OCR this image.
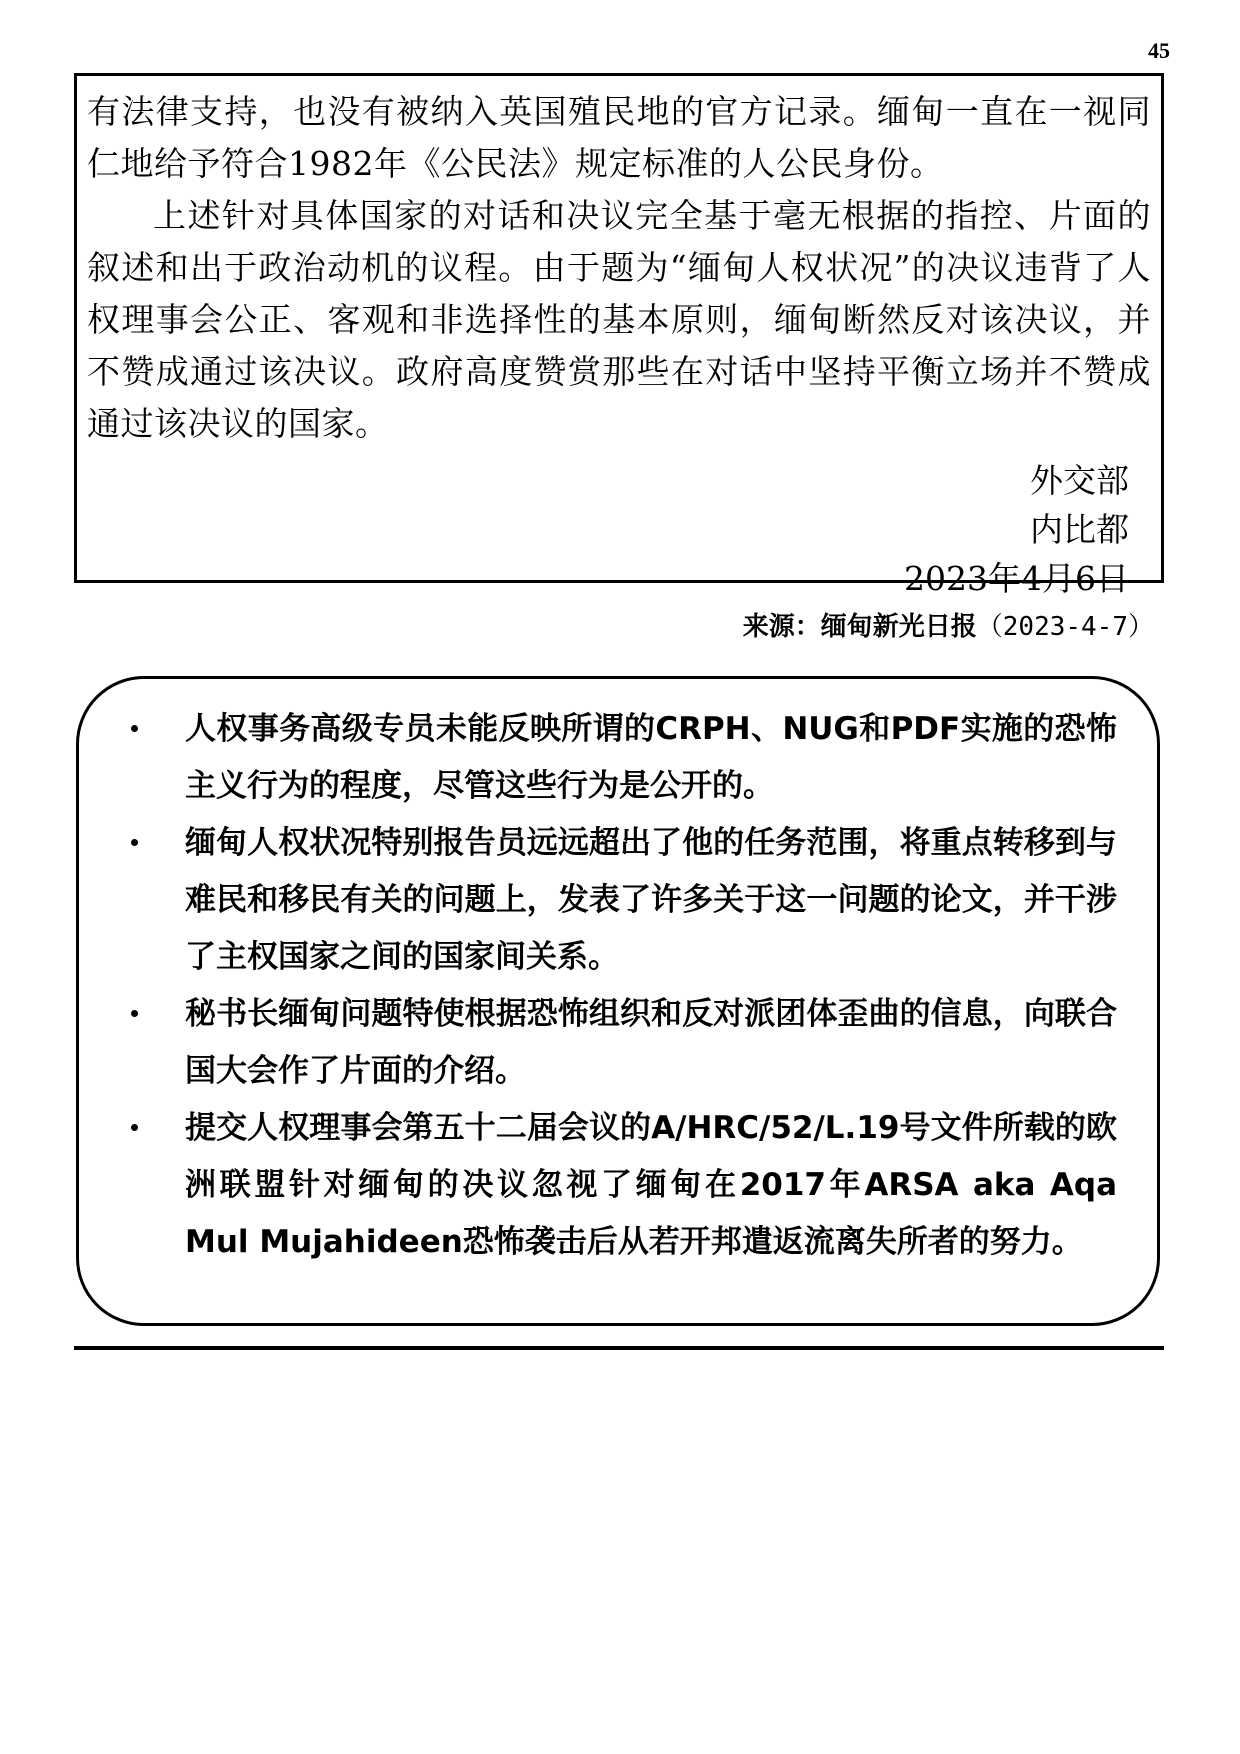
45

有法律支持，也没有被纳入英国殖民地的官方记录。缅甸一直在一视同仁地给予符合1982年《公民法》规定标准的人公民身份。

上述针对具体国家的对话和决议完全基于毫无根据的指控、片面的叙述和出于政治动机的议程。由于题为“缅甸人权状况”的决议违背了人权理事会公正、客观和非选择性的基本原则，缅甸断然反对该决议，并不赞成通过该决议。政府高度赞赏那些在对话中坚持平衡立场并不赞成通过该决议的国家。

外交部
内比都
2023年4月6日
来源：缅甸新光日报（2023-4-7）
人权事务高级专员未能反映所谓的CRPH、NUG和PDF实施的恐怖主义行为的程度，尽管这些行为是公开的。
缅甸人权状况特别报告员远远超出了他的任务范围，将重点转移到与难民和移民有关的问题上，发表了许多关于这一问题的论文，并干涉了主权国家之间的国家间关系。
秘书长缅甸问题特使根据恐怖组织和反对派团体歪曲的信息，向联合国大会作了片面的介绍。
提交人权理事会第五十二届会议的A/HRC/52/L.19号文件所载的欧洲联盟针对缅甸的决议忽视了缅甸在2017年ARSA aka Aqa Mul Mujahideen恐怖袭击后从若开邦遣返流离失所者的努力。
